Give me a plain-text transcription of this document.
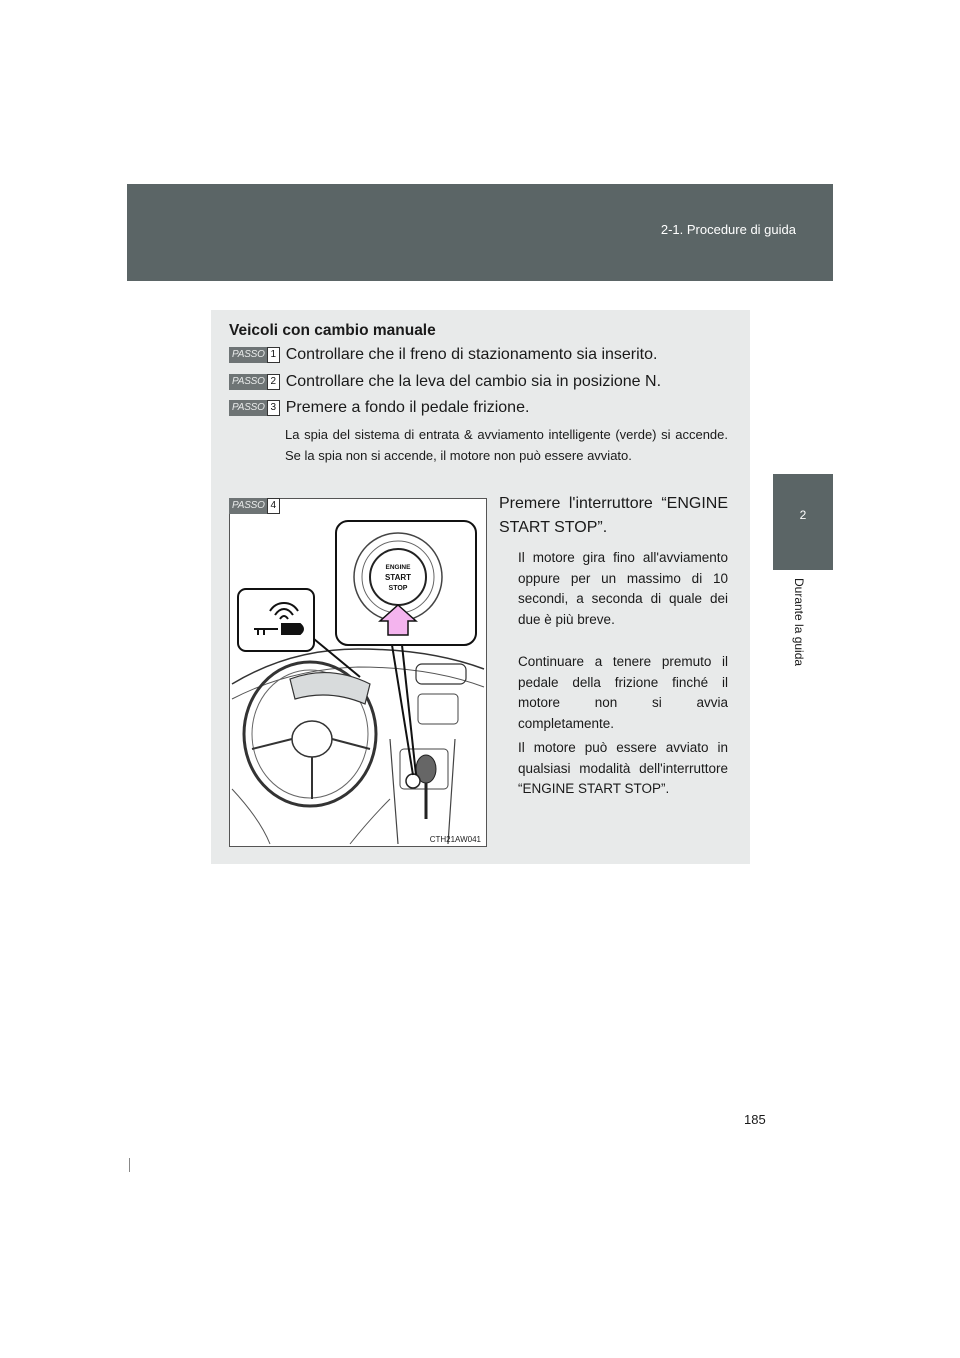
2-1. Procedure di guida
2
Durante la guida
Veicoli con cambio manuale
PASSO 1 Controllare che il freno di stazionamento sia inserito.
PASSO 2 Controllare che la leva del cambio sia in posizione N.
PASSO 3 Premere a fondo il pedale frizione.
La spia del sistema di entrata & avviamento intelligente (verde) si accende. Se la spia non si accende, il motore non può essere avviato.
PASSO 4
ENGINE
START
STOP
CTH21AW041
Premere l'interruttore “ENGINE START STOP”.
Il motore gira fino all'avviamento oppure per un massimo di 10 secondi, a seconda di quale dei due è più breve.
Continuare a tenere premuto il pedale della frizione finché il motore non si avvia completamente.
Il motore può essere avviato in qualsiasi modalità dell'interruttore “ENGINE START STOP”.
185
